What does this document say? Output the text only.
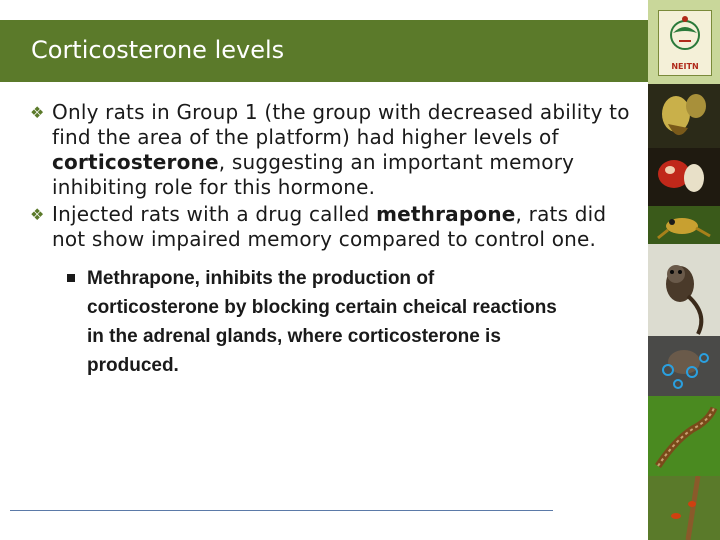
Corticosterone levels
❖ Only rats in Group 1 (the group with decreased ability to find the area of the platform) had higher levels of corticosterone, suggesting an important memory inhibiting role for this hormone.
❖ Injected rats with a drug called methrapone, rats did not show impaired memory compared to control one.
Methrapone, inhibits the production of corticosterone by blocking certain cheical reactions in the adrenal glands, where corticosterone is produced.
NEITN
